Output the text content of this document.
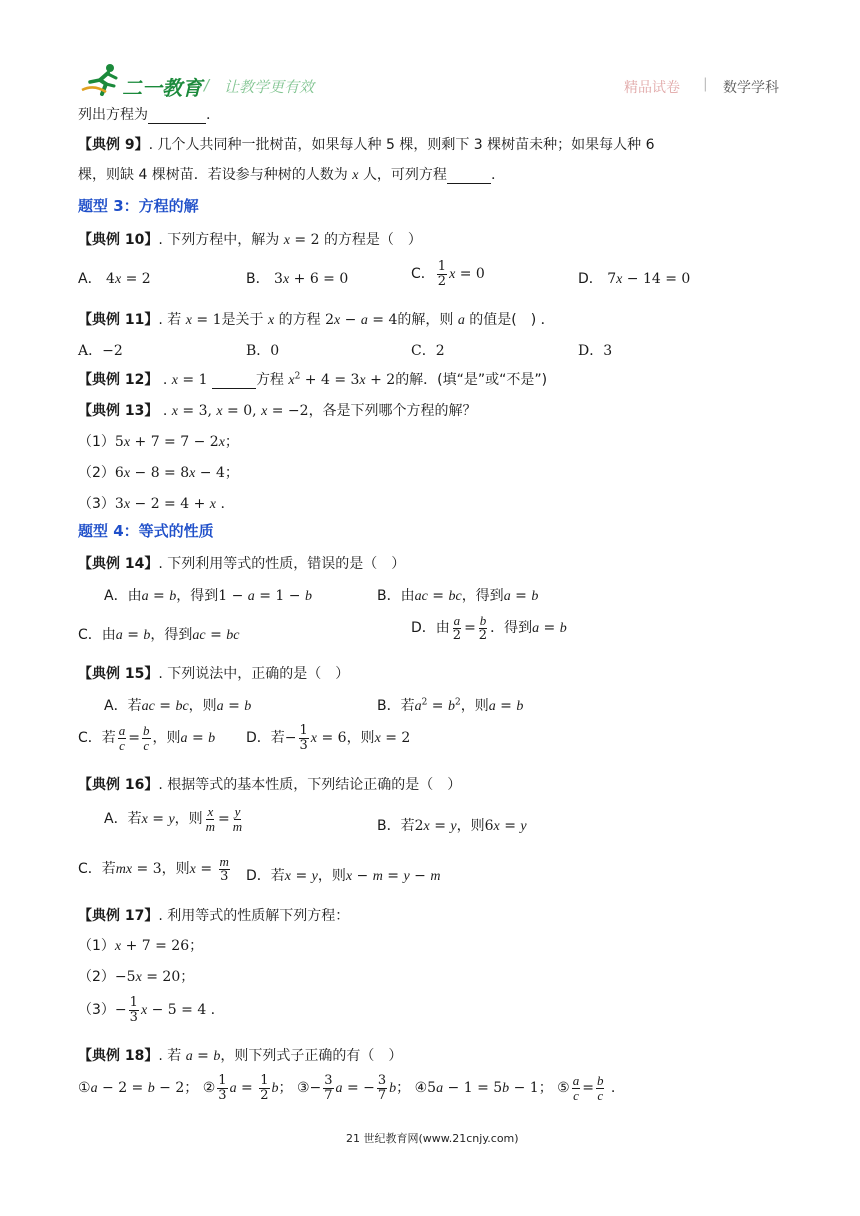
二一教育 / 让教学更有效	精品试卷 | 数学学科
列出方程为	.
【典例 9】. 几个人共同种一批树苗，如果每人种 5 棵，则剩下 3 棵树苗未种；如果每人种 6
棵，则缺 4 棵树苗．若设参与种树的人数为 x 人，可列方程	.
题型 3：方程的解
【典例 10】. 下列方程中，解为 x = 2 的方程是（　）
A． 4x = 2	B． 3x + 6 = 0	C． $\frac{1}{2}$ x = 0	D． 7x − 14 = 0
【典例 11】. 若 x = 1是关于 x 的方程 2x − a = 4的解，则 a 的值是(　) ．
A．−2	B．0	C．2	D．3
【典例 12】 . x = 1	方程 $x^2 + 4 = 3x + 2$的解．(填“是”或“不是”)
【典例 13】 . x = 3, x = 0, x = −2，各是下列哪个方程的解？
（1）5x + 7 = 7 − 2x；
（2）6x − 8 = 8x − 4；
（3）3x − 2 = 4 + x .
题型 4：等式的性质
【典例 14】. 下列利用等式的性质，错误的是（　）
A．由a = b，得到1 − a = 1 − b	B．由ac = bc，得到a = b
C．由a = b，得到ac = bc	D．由 $\frac{a}{2} = \frac{b}{2}$ ．得到a = b
【典例 15】. 下列说法中，正确的是（　）
A．若ac = bc，则a = b	B．若$a^2 = b^2$，则a = b
C．若 $\frac{a}{c} = \frac{b}{c}$ ，则a = b D．若− $\frac{1}{3}$ x = 6，则x = 2
【典例 16】. 根据等式的基本性质，下列结论正确的是（　）
A．若x = y，则 $\frac{x}{m} = \frac{y}{m}$	B．若2x = y，则6x = y
C．若mx = 3，则$x = \frac{m}{3}$ D．若x = y，则x − m = y − m
【典例 17】. 利用等式的性质解下列方程：
（1）x + 7 = 26；
（2）−5x = 20；
$(3)- \frac{1}{3}$ x − 5 = 4 .
【典例 18】. 若 a = b，则下列式子正确的有（　）
①a − 2 = b − 2； ② $\frac{1}{3}$ $a = \frac{1}{2}$ b； ③− $\frac{3}{7}$ a = − $\frac{3}{7}$ b； ④5a − 1 = 5b − 1； ⑤ $\frac{a}{c} = \frac{b}{c}$ .
21 世纪教育网(www.21cnjy.com)
